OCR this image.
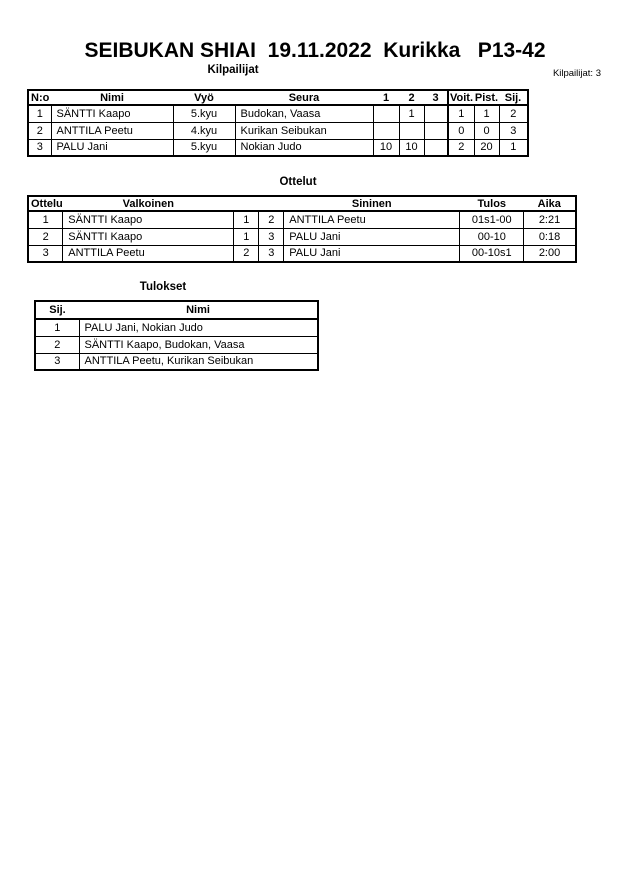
SEIBUKAN SHIAI  19.11.2022  Kurikka   P13-42
Kilpailijat	Kilpailijat: 3
N:o	Nimi	Vyö	Seura	1	2	3	Voit.	Pist.	Sij.
1	SÄNTTI Kaapo	5.kyu	Budokan, Vaasa		1		1	1	2
2	ANTTILA Peetu	4.kyu	Kurikan Seibukan				0	0	3
3	PALU Jani	5.kyu	Nokian Judo	10	10		2	20	1
Ottelut
Ottelu	Valkoinen			Sininen	Tulos	Aika
1	SÄNTTI Kaapo	1	2	ANTTILA Peetu	01s1-00	2:21
2	SÄNTTI Kaapo	1	3	PALU Jani	00-10	0:18
3	ANTTILA Peetu	2	3	PALU Jani	00-10s1	2:00
Tulokset
Sij.	Nimi
1	PALU Jani, Nokian Judo
2	SÄNTTI Kaapo, Budokan, Vaasa
3	ANTTILA Peetu, Kurikan Seibukan
